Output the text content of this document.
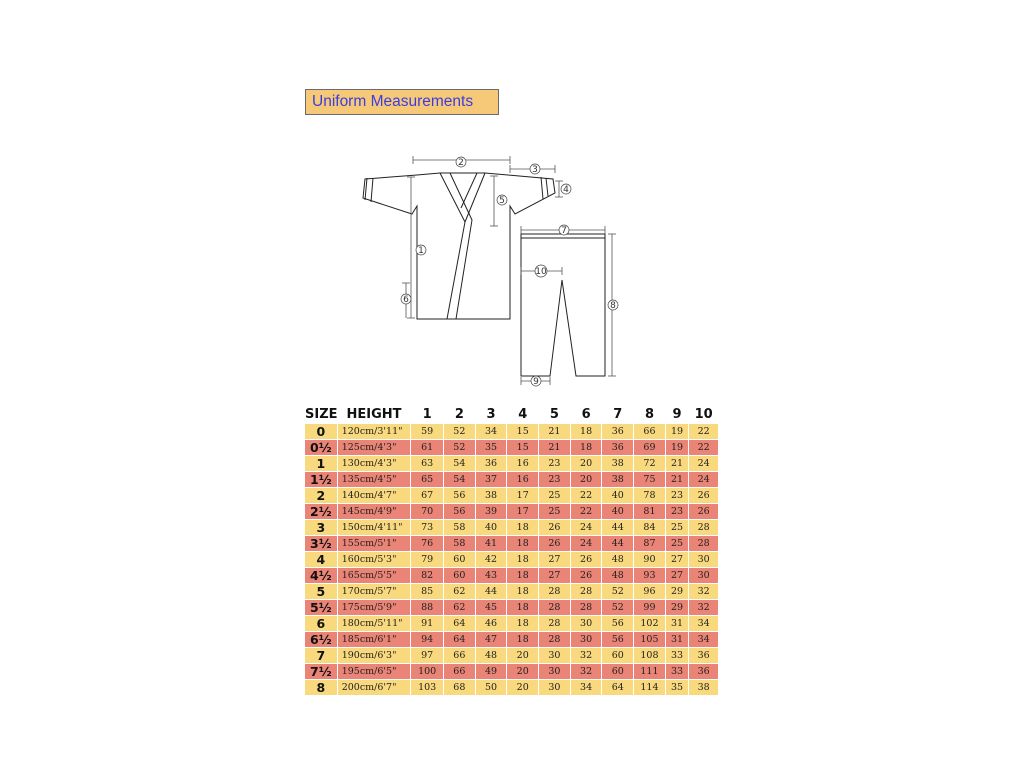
Uniform Measurements
1
2
3
4
5
6
7
8
9
10
SIZE	HEIGHT	1	2	3	4	5	6	7	8	9	10
0	120cm/3'11"	59	52	34	15	21	18	36	66	19	22
0½	125cm/4'3"	61	52	35	15	21	18	36	69	19	22
1	130cm/4'3"	63	54	36	16	23	20	38	72	21	24
1½	135cm/4'5"	65	54	37	16	23	20	38	75	21	24
2	140cm/4'7"	67	56	38	17	25	22	40	78	23	26
2½	145cm/4'9"	70	56	39	17	25	22	40	81	23	26
3	150cm/4'11"	73	58	40	18	26	24	44	84	25	28
3½	155cm/5'1"	76	58	41	18	26	24	44	87	25	28
4	160cm/5'3"	79	60	42	18	27	26	48	90	27	30
4½	165cm/5'5"	82	60	43	18	27	26	48	93	27	30
5	170cm/5'7"	85	62	44	18	28	28	52	96	29	32
5½	175cm/5'9"	88	62	45	18	28	28	52	99	29	32
6	180cm/5'11"	91	64	46	18	28	30	56	102	31	34
6½	185cm/6'1"	94	64	47	18	28	30	56	105	31	34
7	190cm/6'3"	97	66	48	20	30	32	60	108	33	36
7½	195cm/6'5"	100	66	49	20	30	32	60	111	33	36
8	200cm/6'7"	103	68	50	20	30	34	64	114	35	38
